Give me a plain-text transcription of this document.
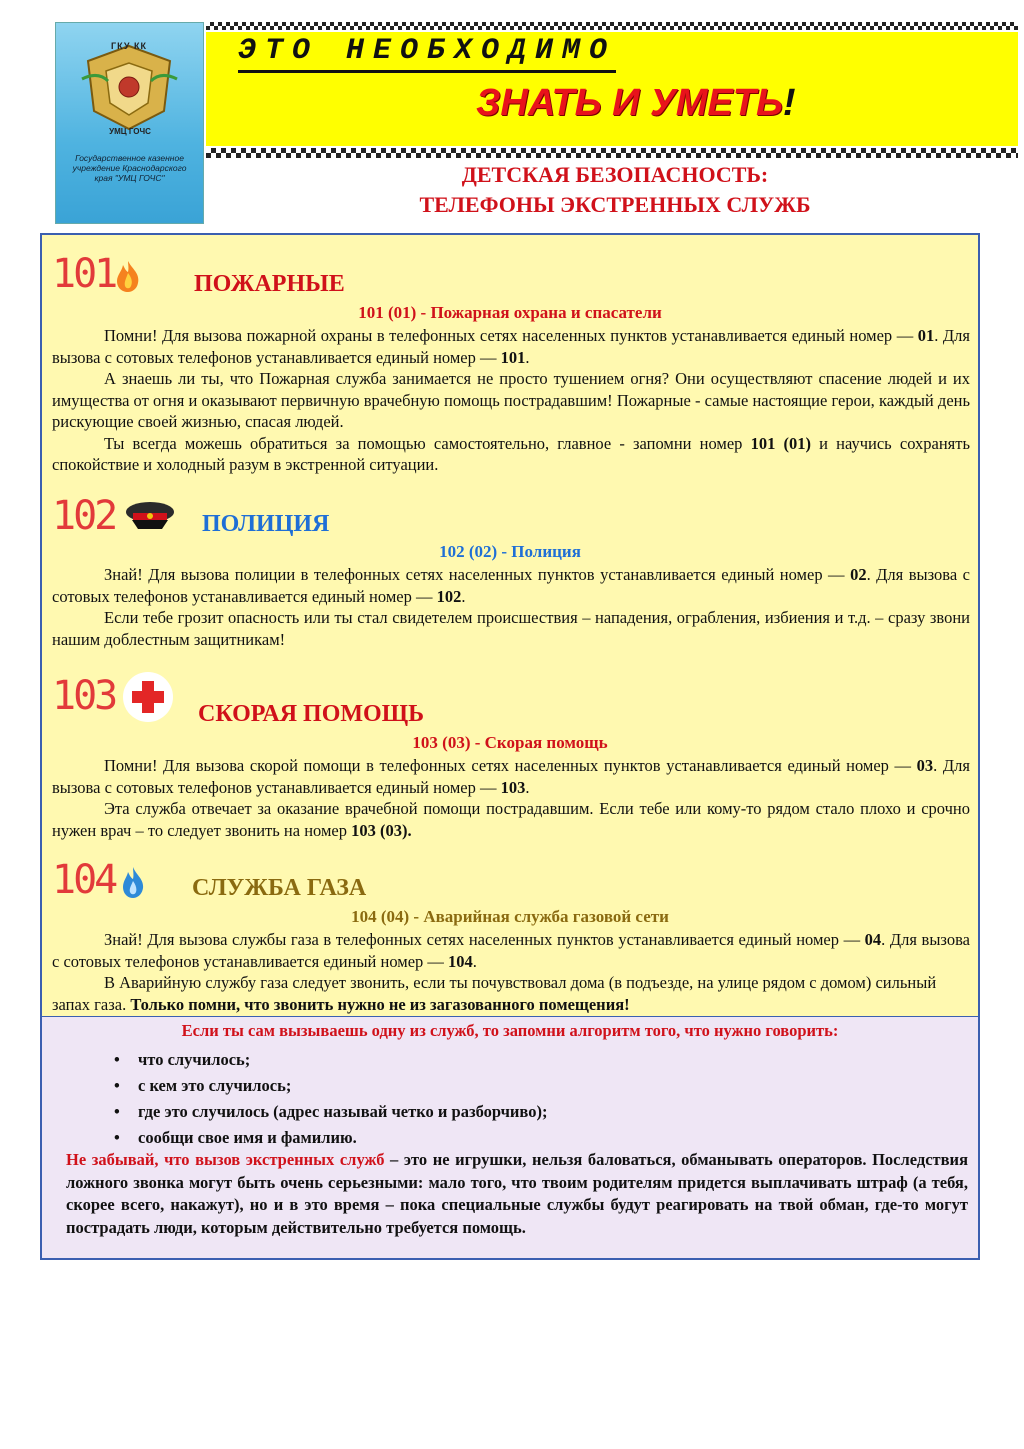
ГКУ КК
УМЦ ГОЧС
Государственное казенное учреждение Краснодарского края "УМЦ ГОЧС"
ЭТО НЕОБХОДИМО
ЗНАТЬ И УМЕТЬ!
ДЕТСКАЯ БЕЗОПАСНОСТЬ:
ТЕЛЕФОНЫ ЭКСТРЕННЫХ СЛУЖБ
101	ПОЖАРНЫЕ
101 (01) - Пожарная охрана и спасатели

Помни! Для вызова пожарной охраны в телефонных сетях населенных пунктов устанавливается единый номер — 01. Для вызова с сотовых телефонов устанавливается единый номер — 101.

А знаешь ли ты, что Пожарная служба занимается не просто тушением огня? Они осуществляют спасение людей и их имущества от огня и оказывают первичную врачебную помощь пострадавшим! Пожарные - самые настоящие герои, каждый день рискующие своей жизнью, спасая людей.

Ты всегда можешь обратиться за помощью самостоятельно, главное - запомни номер 101 (01) и научись сохранять спокойствие и холодный разум в экстренной ситуации.

102	ПОЛИЦИЯ
102 (02) - Полиция

Знай! Для вызова полиции в телефонных сетях населенных пунктов устанавливается единый номер — 02. Для вызова с сотовых телефонов устанавливается единый номер — 102.

Если тебе грозит опасность или ты стал свидетелем происшествия – нападения, ограбления, избиения и т.д. – сразу звони нашим доблестным защитникам!

103	СКОРАЯ ПОМОЩЬ
103 (03) - Скорая помощь

Помни! Для вызова скорой помощи в телефонных сетях населенных пунктов устанавливается единый номер — 03. Для вызова с сотовых телефонов устанавливается единый номер — 103.

Эта служба отвечает за оказание врачебной помощи пострадавшим. Если тебе или кому-то рядом стало плохо и срочно нужен врач – то следует звонить на номер 103 (03).

104	СЛУЖБА ГАЗА
104 (04) - Аварийная служба газовой сети

Знай! Для вызова службы газа в телефонных сетях населенных пунктов устанавливается единый номер — 04. Для вызова с сотовых телефонов устанавливается единый номер — 104.

В Аварийную службу газа следует звонить, если ты почувствовал дома (в подъезде, на улице рядом с домом) сильный запах газа. Только помни, что звонить нужно не из загазованного помещения!

Если ты сам вызываешь одну из служб, то запомни алгоритм того, что нужно говорить:
• что случилось;
• с кем это случилось;
• где это случилось (адрес называй четко и разборчиво);
• сообщи свое имя и фамилию.
Не забывай, что вызов экстренных служб – это не игрушки, нельзя баловаться, обманывать операторов. Последствия ложного звонка могут быть очень серьезными: мало того, что твоим родителям придется выплачивать штраф (а тебя, скорее всего, накажут), но и в это время – пока специальные службы будут реагировать на твой обман, где-то могут пострадать люди, которым действительно требуется помощь.
